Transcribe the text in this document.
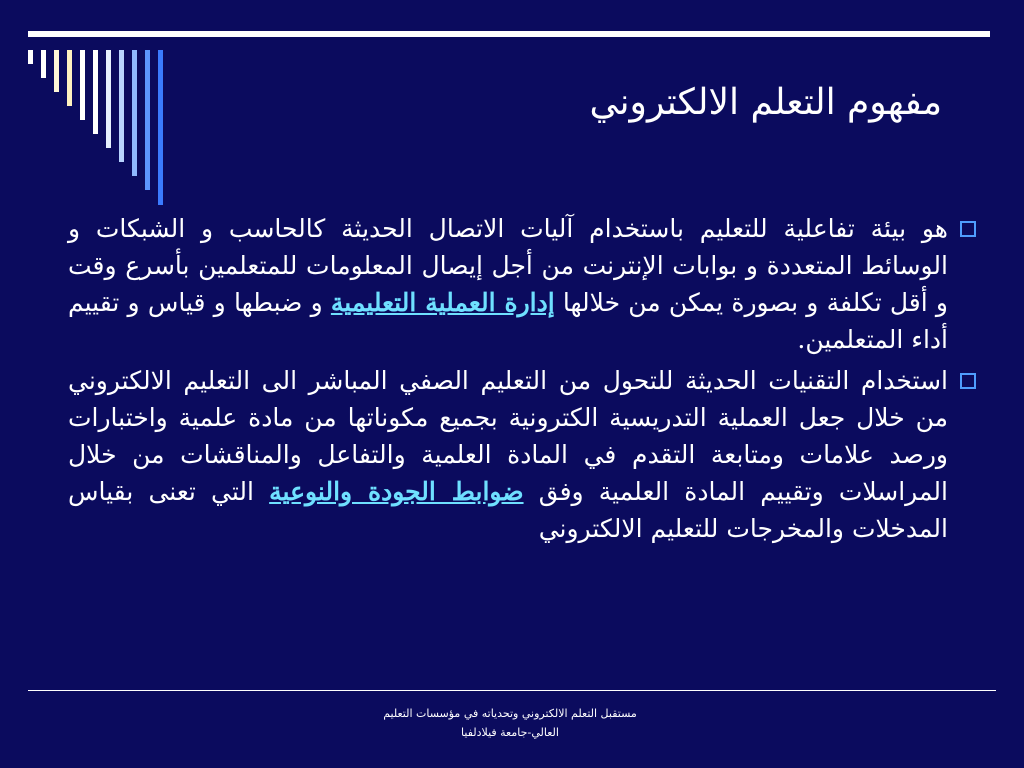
مفهوم التعلم الالكتروني

هو بيئة تفاعلية للتعليم باستخدام آليات الاتصال الحديثة كالحاسب و الشبكات و الوسائط المتعددة و بوابات الإنترنت من أجل إيصال المعلومات للمتعلمين بأسرع وقت و أقل تكلفة و بصورة يمكن من خلالها إدارة العملية التعليمية و ضبطها و قياس و تقييم أداء المتعلمين.

استخدام التقنيات الحديثة للتحول من التعليم الصفي المباشر الى التعليم الالكتروني من خلال جعل العملية التدريسية الكترونية بجميع مكوناتها من مادة علمية واختبارات ورصد علامات ومتابعة التقدم في المادة العلمية والتفاعل والمناقشات من خلال المراسلات وتقييم المادة العلمية وفق ضوابط الجودة والنوعية التي تعنى بقياس المدخلات والمخرجات للتعليم الالكتروني

مستقبل التعلم الالكتروني وتحدياته في مؤسسات التعليم
العالي-جامعة فيلادلفيا
